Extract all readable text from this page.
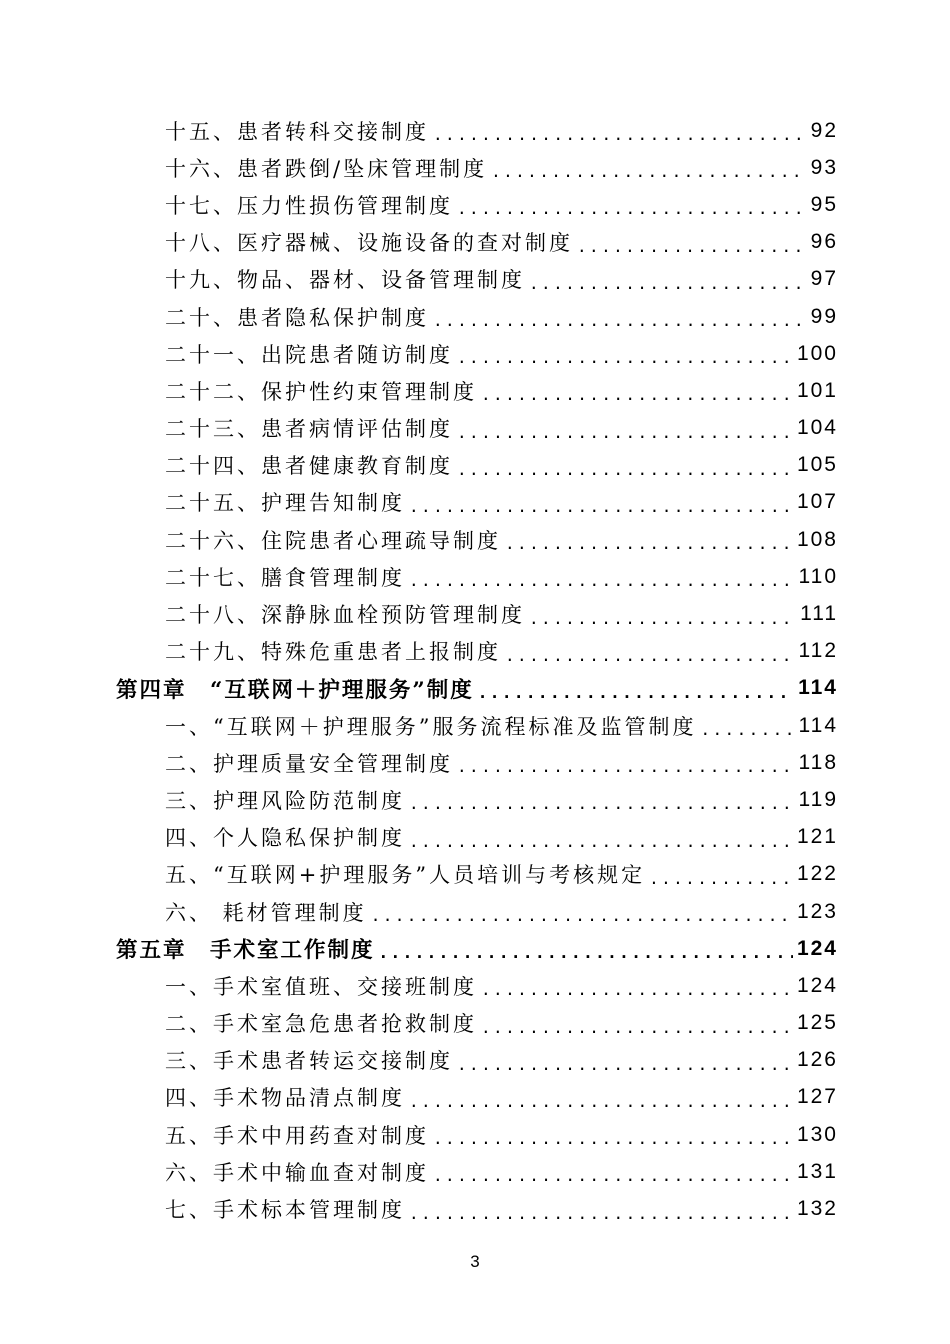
十五、患者转科交接制度 .....	92
十六、患者跌倒/坠床管理制度 .....	93
十七、压力性损伤管理制度 .....	95
十八、医疗器械、设施设备的查对制度 .....	96
十九、物品、器材、设备管理制度 .....	97
二十、患者隐私保护制度 .....	99
二十一、出院患者随访制度 .....	100
二十二、保护性约束管理制度 .....	101
二十三、患者病情评估制度 .....	104
二十四、患者健康教育制度 .....	105
二十五、护理告知制度 .....	107
二十六、住院患者心理疏导制度 .....	108
二十七、膳食管理制度 .....	110
二十八、深静脉血栓预防管理制度 .....	111
二十九、特殊危重患者上报制度 .....	112
第四章　“互联网＋护理服务”制度 .....	114
一、“互联网＋护理服务”服务流程标准及监管制度 .....	114
二、护理质量安全管理制度 .....	118
三、护理风险防范制度 .....	119
四、个人隐私保护制度 .....	121
五、“互联网+护理服务”人员培训与考核规定 .....	122
六、 耗材管理制度 .....	123
第五章　手术室工作制度 .....	124
一、手术室值班、交接班制度 .....	124
二、手术室急危患者抢救制度 .....	125
三、手术患者转运交接制度 .....	126
四、手术物品清点制度 .....	127
五、手术中用药查对制度 .....	130
六、手术中输血查对制度 .....	131
七、手术标本管理制度 .....	132
3
